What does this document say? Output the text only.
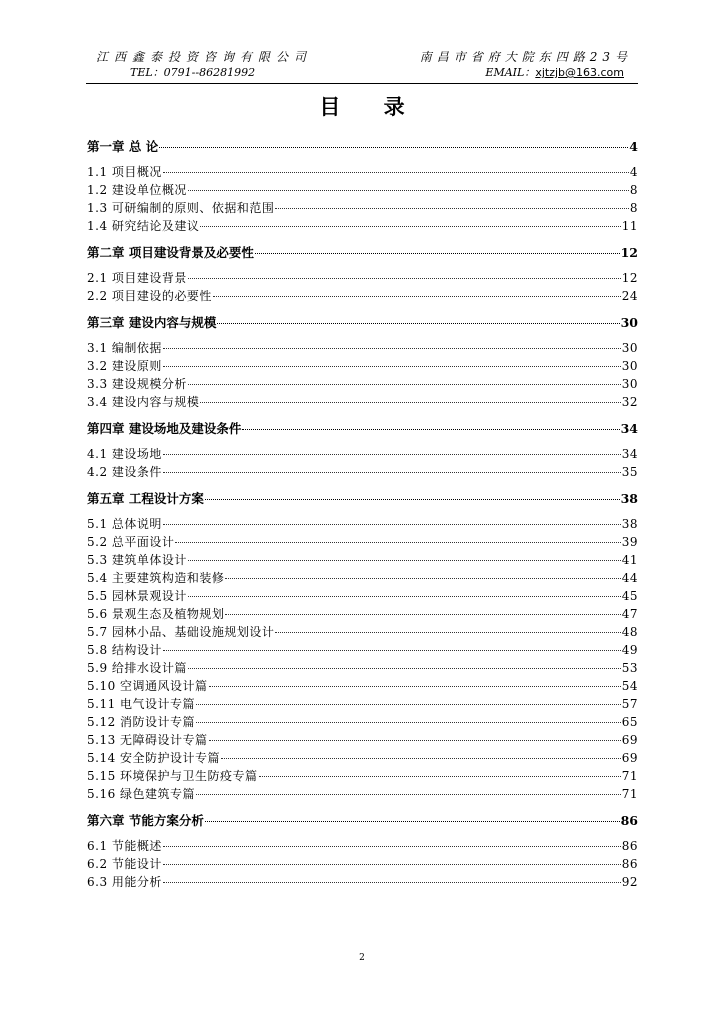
江西鑫泰投资咨询有限公司	南昌市省府大院东四路23号
TEL：0791--86281992	EMAIL：xjtzjb@163.com
目 录
第一章 总 论	4
1.1 项目概况	4
1.2 建设单位概况	8
1.3 可研编制的原则、依据和范围	8
1.4 研究结论及建议	11
第二章 项目建设背景及必要性	12
2.1 项目建设背景	12
2.2 项目建设的必要性	24
第三章 建设内容与规模	30
3.1 编制依据	30
3.2 建设原则	30
3.3 建设规模分析	30
3.4 建设内容与规模	32
第四章 建设场地及建设条件	34
4.1 建设场地	34
4.2 建设条件	35
第五章 工程设计方案	38
5.1 总体说明	38
5.2 总平面设计	39
5.3 建筑单体设计	41
5.4 主要建筑构造和装修	44
5.5 园林景观设计	45
5.6 景观生态及植物规划	47
5.7 园林小品、基础设施规划设计	48
5.8 结构设计	49
5.9 给排水设计篇	53
5.10 空调通风设计篇	54
5.11 电气设计专篇	57
5.12 消防设计专篇	65
5.13 无障碍设计专篇	69
5.14 安全防护设计专篇	69
5.15 环境保护与卫生防疫专篇	71
5.16 绿色建筑专篇	71
第六章 节能方案分析	86
6.1 节能概述	86
6.2 节能设计	86
6.3 用能分析	92
2
